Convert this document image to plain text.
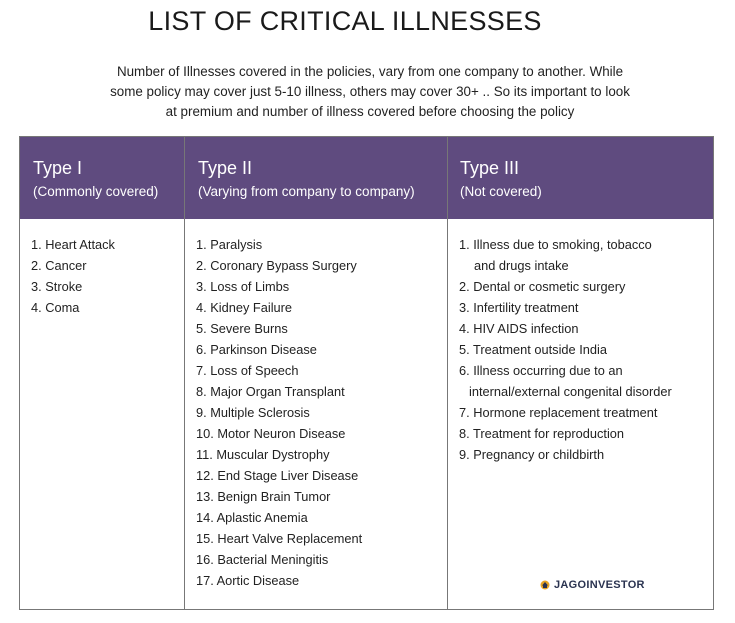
LIST OF CRITICAL ILLNESSES
Number of Illnesses covered in the policies, vary from one company to another. While
some policy may cover just 5-10 illness, others may cover 30+ .. So its important to look
at premium and number of illness covered before choosing the policy
Type I
(Commonly covered)
1. Heart Attack
2. Cancer
3. Stroke
4. Coma
Type II
(Varying from company to company)
1. Paralysis
2. Coronary Bypass Surgery
3. Loss of Limbs
4. Kidney Failure
5. Severe Burns
6. Parkinson Disease
7. Loss of Speech
8. Major Organ Transplant
9. Multiple Sclerosis
10. Motor Neuron Disease
11. Muscular Dystrophy
12. End Stage Liver Disease
13. Benign Brain Tumor
14. Aplastic Anemia
15. Heart Valve Replacement
16. Bacterial Meningitis
17. Aortic Disease
Type III
(Not covered)
1. Illness due to smoking, tobacco
and drugs intake
2. Dental or cosmetic surgery
3. Infertility treatment
4. HIV AIDS infection
5. Treatment outside India
6. Illness occurring due to an
internal/external congenital disorder
7. Hormone replacement treatment
8. Treatment for reproduction
9. Pregnancy or childbirth
JAGOINVESTOR
